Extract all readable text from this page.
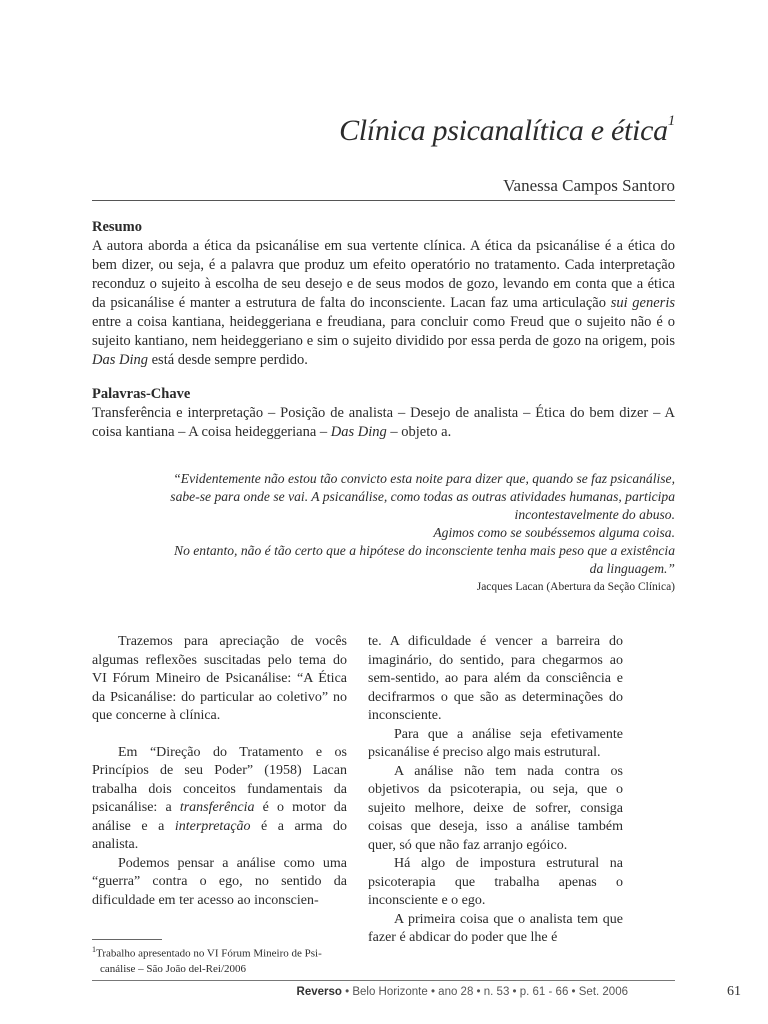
Clínica psicanalítica e ética$^1$
Vanessa Campos Santoro
Resumo

A autora aborda a ética da psicanálise em sua vertente clínica. A ética da psicanálise é a ética do bem dizer, ou seja, é a palavra que produz um efeito operatório no tratamento. Cada interpretação reconduz o sujeito à escolha de seu desejo e de seus modos de gozo, levando em conta que a ética da psicanálise é manter a estrutura de falta do inconsciente. Lacan faz uma articulação sui generis entre a coisa kantiana, heideggeriana e freudiana, para concluir como Freud que o sujeito não é o sujeito kantiano, nem heideggeriano e sim o sujeito dividido por essa perda de gozo na origem, pois Das Ding está desde sempre perdido.

Palavras-Chave

Transferência e interpretação – Posição de analista – Desejo de analista – Ética do bem dizer – A coisa kantiana – A coisa heideggeriana – Das Ding – objeto a.

“Evidentemente não estou tão convicto esta noite para dizer que, quando se faz psicanálise,
sabe-se para onde se vai. A psicanálise, como todas as outras atividades humanas, participa
incontestavelmente do abuso.
Agimos como se soubéssemos alguma coisa.
No entanto, não é tão certo que a hipótese do inconsciente tenha mais peso que a existência
da linguagem.”
Jacques Lacan (Abertura da Seção Clínica)

Trazemos para apreciação de vocês algumas reflexões suscitadas pelo tema do VI Fórum Mineiro de Psicanálise: “A Ética da Psicanálise: do particular ao coletivo” no que concerne à clínica.

Em “Direção do Tratamento e os Princípios de seu Poder” (1958) Lacan trabalha dois conceitos fundamentais da psicanálise: a transferência é o motor da análise e a interpretação é a arma do analista.

Podemos pensar a análise como uma “guerra” contra o ego, no sentido da dificuldade em ter acesso ao inconscien-

te. A dificuldade é vencer a barreira do imaginário, do sentido, para chegarmos ao sem-sentido, ao para além da consciência e decifrarmos o que são as determinações do inconsciente.

Para que a análise seja efetivamente psicanálise é preciso algo mais estrutural.

A análise não tem nada contra os objetivos da psicoterapia, ou seja, que o sujeito melhore, deixe de sofrer, consiga coisas que deseja, isso a análise também quer, só que não faz arranjo egóico.

Há algo de impostura estrutural na psicoterapia que trabalha apenas o inconsciente e o ego.

A primeira coisa que o analista tem que fazer é abdicar do poder que lhe é

$^1$Trabalho apresentado no VI Fórum Mineiro de Psi-
canálise – São João del-Rei/2006
Reverso • Belo Horizonte • ano 28 • n. 53 • p. 61 - 66 • Set. 2006	61
